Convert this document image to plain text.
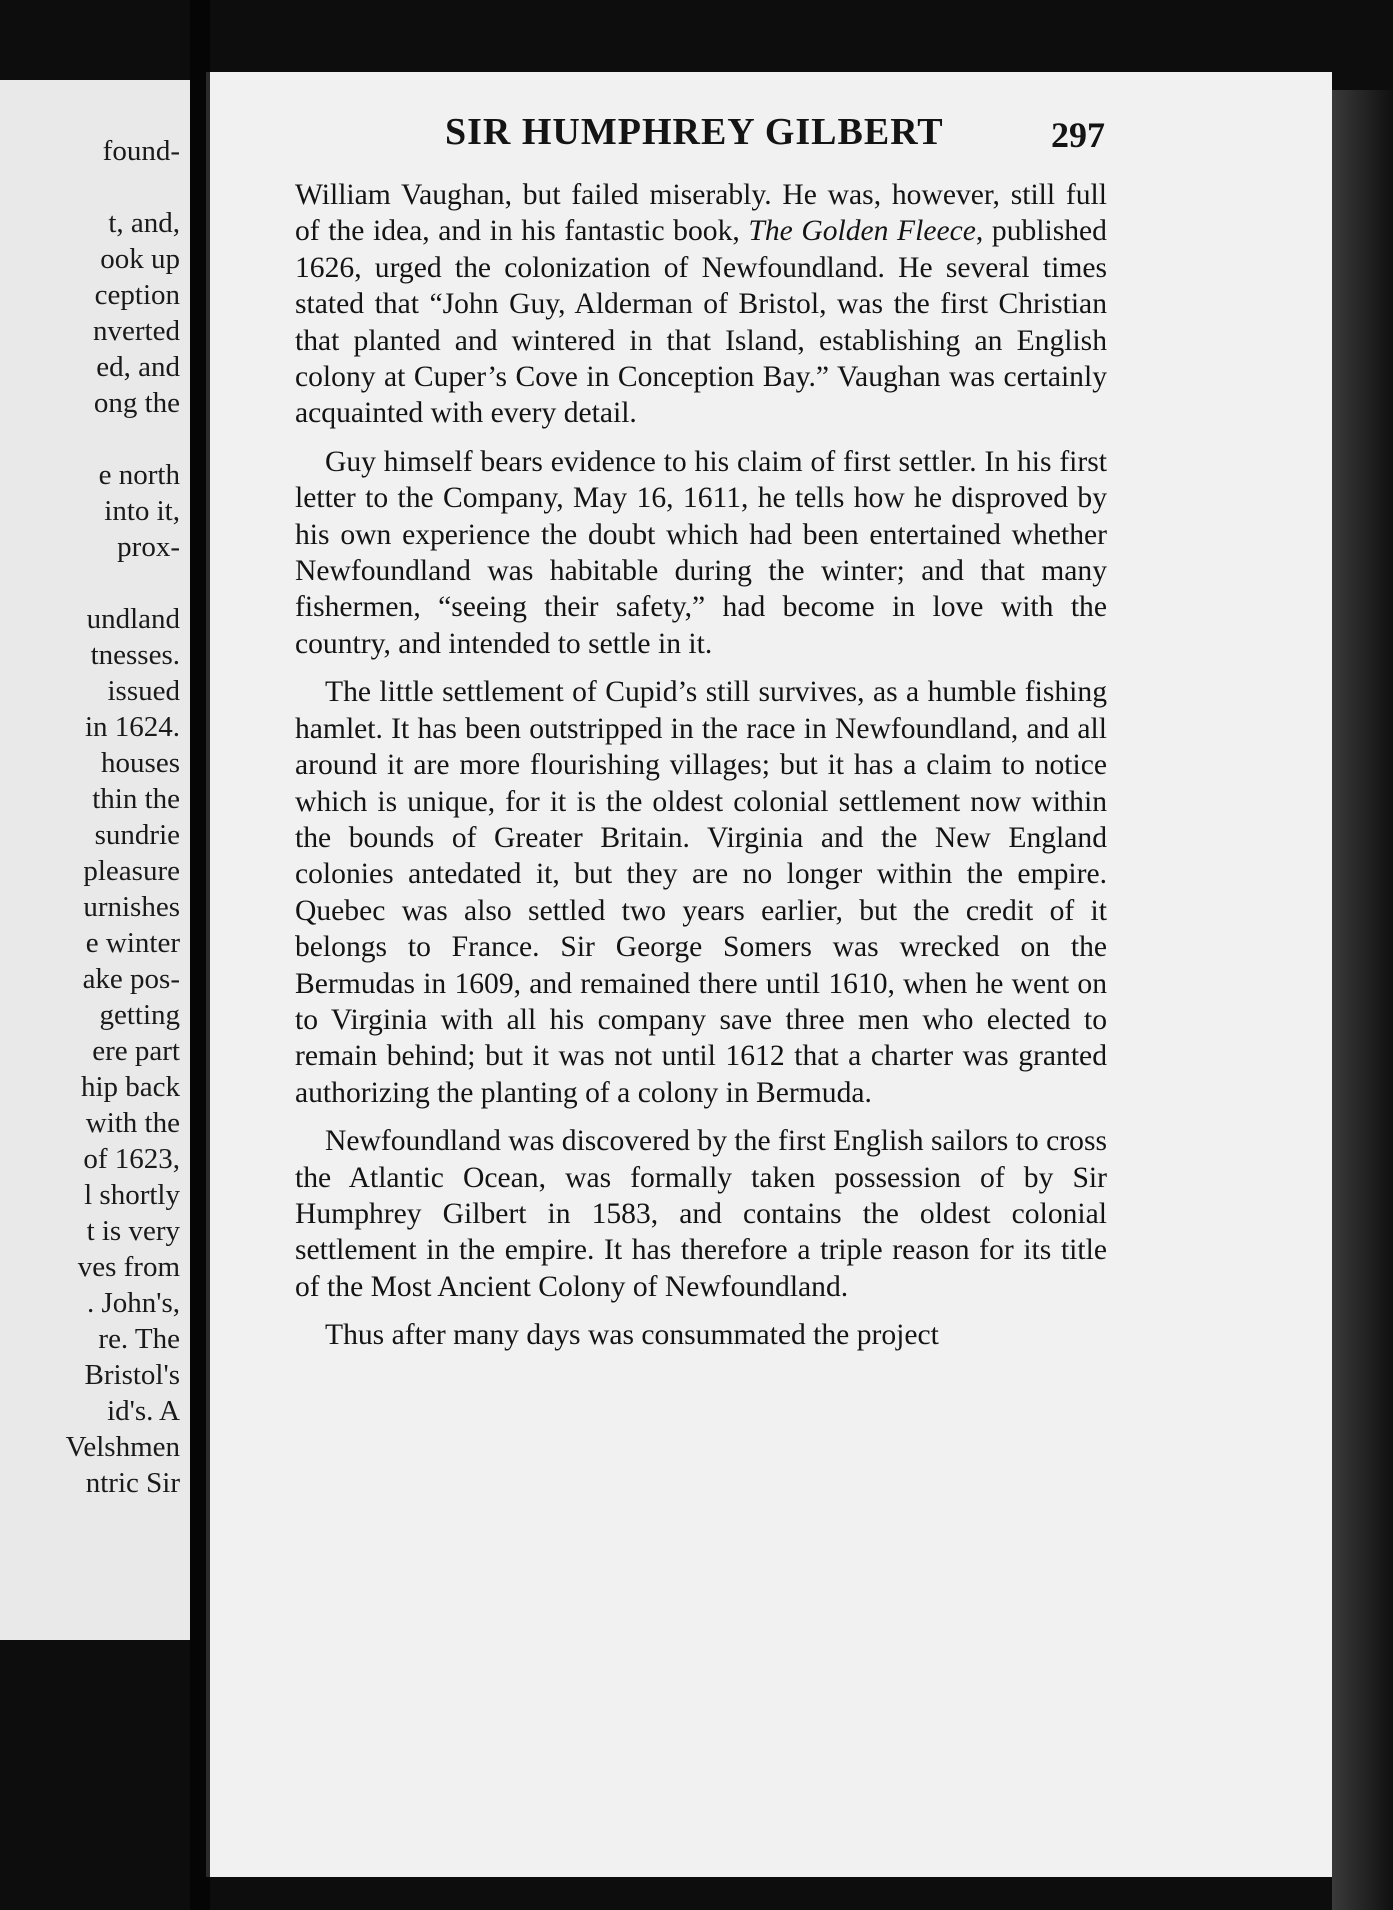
found-
t, and,
ook up
ception
nverted
ed, and
ong the
e north
into it,
prox-
undland
tnesses.
issued
in 1624.
houses
thin the
sundrie
pleasure
urnishes
e winter
ake pos-
getting
ere part
hip back
with the
of 1623,
l shortly
t is very
ves from
. John's,
re. The
Bristol's
id's. A
Velshmen
ntric Sir
SIR HUMPHREY GILBERT	297

William Vaughan, but failed miserably. He was, however, still full of the idea, and in his fantastic book, The Golden Fleece, published 1626, urged the colonization of Newfoundland. He several times stated that “John Guy, Alderman of Bristol, was the first Christian that planted and wintered in that Island, establishing an English colony at Cuper’s Cove in Conception Bay.” Vaughan was certainly acquainted with every detail.

Guy himself bears evidence to his claim of first settler. In his first letter to the Company, May 16, 1611, he tells how he disproved by his own experience the doubt which had been entertained whether Newfoundland was habitable during the winter; and that many fishermen, “seeing their safety,” had become in love with the country, and intended to settle in it.

The little settlement of Cupid’s still survives, as a humble fishing hamlet. It has been outstripped in the race in Newfoundland, and all around it are more flourishing villages; but it has a claim to notice which is unique, for it is the oldest colonial settlement now within the bounds of Greater Britain. Virginia and the New England colonies antedated it, but they are no longer within the empire. Quebec was also settled two years earlier, but the credit of it belongs to France. Sir George Somers was wrecked on the Bermudas in 1609, and remained there until 1610, when he went on to Virginia with all his company save three men who elected to remain behind; but it was not until 1612 that a charter was granted authorizing the planting of a colony in Bermuda.

Newfoundland was discovered by the first English sailors to cross the Atlantic Ocean, was formally taken possession of by Sir Humphrey Gilbert in 1583, and contains the oldest colonial settlement in the empire. It has therefore a triple reason for its title of the Most Ancient Colony of Newfoundland.

Thus after many days was consummated the project
